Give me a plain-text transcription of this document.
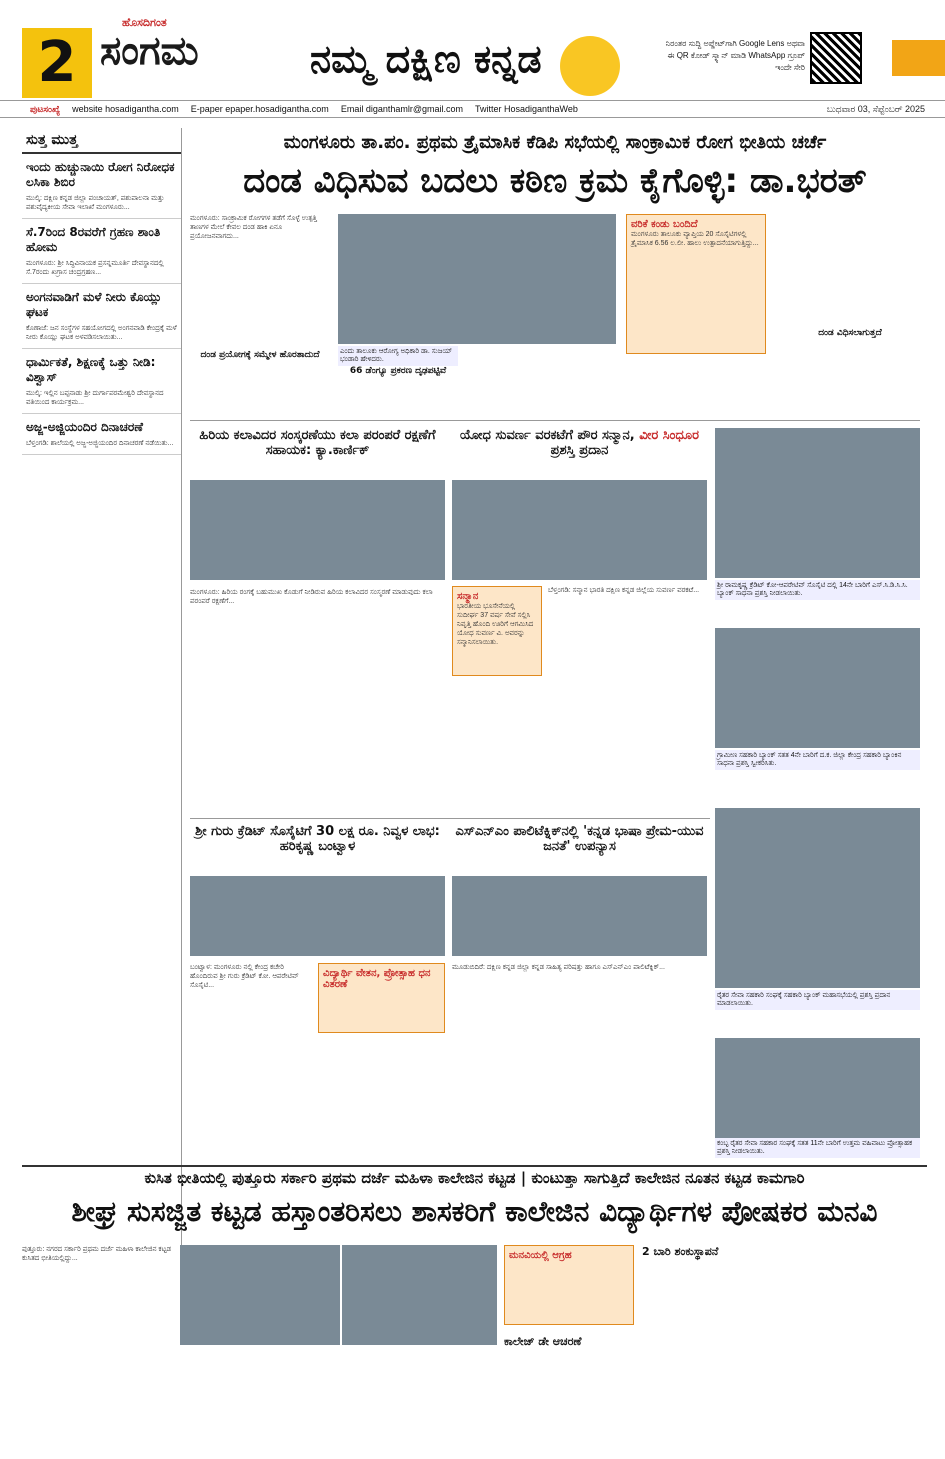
2
ಹೊಸದಿಗಂತ
ಸಂಗಮ	ನಮ್ಮ ದಕ್ಷಿಣ ಕನ್ನಡ	ನಿರಂತರ ಸುದ್ದಿ ಅಪ್ಡೇಟ್‌ಗಾಗಿ Google Lens ಅಥವಾ ಈ QR ಕೋಡ್ ಸ್ಕ್ಯಾನ್ ಮಾಡಿ WhatsApp ಗ್ರೂಪ್ ಇಂದೇ ಸೇರಿ
ಪುಟಸಂಖ್ಯೆ website hosadigantha.com E-paper epaper.hosadigantha.com Email diganthamlr@gmail.com Twitter HosadiganthaWeb	ಬುಧವಾರ 03, ಸೆಪ್ಟೆಂಬರ್ 2025
ಸುತ್ತ ಮುತ್ತ
ಇಂದು ಹುಚ್ಚುನಾಯಿ ರೋಗ ನಿರೋಧಕ ಲಸಿಕಾ ಶಿಬಿರ
ಮುಲ್ಕಿ: ದಕ್ಷಿಣ ಕನ್ನಡ ಜಿಲ್ಲಾ ಪಂಚಾಯತ್, ಪಶುಪಾಲನಾ ಮತ್ತು ಪಶುವೈದ್ಯಕೀಯ ಸೇವಾ ಇಲಾಖೆ ಮಂಗಳೂರು...
ಸೆ.7ರಿಂದ 8ರವರೆಗೆ ಗ್ರಹಣ ಶಾಂತಿ ಹೋಮ
ಮಂಗಳೂರು: ಶ್ರೀ ಸಿದ್ಧಿವಿನಾಯಕ ಪ್ರಸನ್ನಮೂರ್ತಿ ದೇವಸ್ಥಾನದಲ್ಲಿ ಸೆ.7ರಂದು ಖಗ್ರಾಸ ಚಂದ್ರಗ್ರಹಣ...
ಅಂಗನವಾಡಿಗೆ ಮಳೆ ನೀರು ಕೊಯ್ಲು ಘಟಕ
ಕೊಣಾಜೆ: ಜನ ಸಂಸ್ಥೆಗಳ ಸಹಯೋಗದಲ್ಲಿ ಅಂಗನವಾಡಿ ಕೇಂದ್ರಕ್ಕೆ ಮಳೆ ನೀರು ಕೊಯ್ಲು ಘಟಕ ಅಳವಡಿಸಲಾಯಿತು...
ಧಾರ್ಮಿಕತೆ, ಶಿಕ್ಷಣಕ್ಕೆ ಒತ್ತು ನೀಡಿ: ವಿಶ್ವಾಸ್
ಮುಲ್ಕಿ: ಇಲ್ಲಿನ ಬಪ್ಪನಾಡು ಶ್ರೀ ದುರ್ಗಾಪರಮೇಶ್ವರಿ ದೇವಸ್ಥಾನದ ವತಿಯಿಂದ ಕಾರ್ಯಕ್ರಮ...
ಅಜ್ಜ-ಅಜ್ಜಿಯಂದಿರ ದಿನಾಚರಣೆ
ಬೆಳ್ತಂಗಡಿ: ಶಾಲೆಯಲ್ಲಿ ಅಜ್ಜ-ಅಜ್ಜಿಯಂದಿರ ದಿನಾಚರಣೆ ನಡೆಯಿತು...
ಮಂಗಳೂರು ತಾ.ಪಂ. ಪ್ರಥಮ ತ್ರೈಮಾಸಿಕ ಕೆಡಿಪಿ ಸಭೆಯಲ್ಲಿ ಸಾಂಕ್ರಾಮಿಕ ರೋಗ ಭೀತಿಯ ಚರ್ಚೆ
ದಂಡ ವಿಧಿಸುವ ಬದಲು ಕಠಿಣ ಕ್ರಮ ಕೈಗೊಳ್ಳಿ: ಡಾ.ಭರತ್
ಮಂಗಳೂರು: ಸಾಂಕ್ರಾಮಿಕ ರೋಗಗಳ ತಡೆಗೆ ಸೊಳ್ಳೆ ಉತ್ಪತ್ತಿ ತಾಣಗಳ ಮೇಲೆ ಕೇವಲ ದಂಡ ಹಾಕಿ ಏನೂ ಪ್ರಯೋಜನವಾಗದು...
ಎಂದು ತಾಲೂಕು ಆರೋಗ್ಯ ಅಧಿಕಾರಿ ಡಾ. ಸುಜಯ್ ಭಂಡಾರಿ ಹೇಳಿದರು.
66 ಡೆಂಗ್ಯೂ ಪ್ರಕರಣ ದೃಢಪಟ್ಟಿವೆ
ದಂಡ ಪ್ರಯೋಗಕ್ಕೆ ಸಮ್ಮೇಳ ಹೊರತಾದುದೆ
ವರಿಕೆ ಕಂಡು ಬಂದಿದೆ
ಮಂಗಳೂರು ತಾಲೂಕು ವ್ಯಾಪ್ತಿಯ 20 ಸೊಸೈಟಿಗಳಲ್ಲಿ ತ್ರೈಮಾಸಿಕ 6.56 ಲ.ಲೀ. ಹಾಲು ಉತ್ಪಾದನೆಯಾಗುತ್ತಿದ್ದು...
ದಂಡ ವಿಧಿಸಲಾಗುತ್ತದೆ
ಹಿರಿಯ ಕಲಾವಿದರ ಸಂಸ್ಕರಣೆಯು ಕಲಾ ಪರಂಪರೆ ರಕ್ಷಣೆಗೆ ಸಹಾಯಕ: ಕ್ಯಾ.ಕಾರ್ಣಿಕ್
ಮಂಗಳೂರು: ಹಿರಿಯ ರಂಗಕ್ಕೆ ಬಹುಮುಖ ಕೊಡುಗೆ ನೀಡಿರುವ ಹಿರಿಯ ಕಲಾವಿದರ ಸಂಸ್ಮರಣೆ ಮಾಡುವುದು ಕಲಾ ಪರಂಪರೆ ರಕ್ಷಣೆಗೆ...
ಯೋಧ ಸುವರ್ಣ ವರಕಟೆಗೆ ಪೌರ ಸನ್ಮಾನ, ವೀರ ಸಿಂಧೂರ ಪ್ರಶಸ್ತಿ ಪ್ರದಾನ
ಸನ್ಮಾನ
ಭಾರತೀಯ ಭೂಸೇನೆಯಲ್ಲಿ ಸುದೀರ್ಘ 37 ವರ್ಷ ಸೇವೆ ಸಲ್ಲಿಸಿ ನಿವೃತ್ತಿ ಹೊಂದಿ ಊರಿಗೆ ಆಗಮಿಸಿದ ಯೋಧ ಸುವರ್ಣ ವಿ. ಅವರನ್ನು ಸನ್ಮಾನಿಸಲಾಯಿತು.
ಬೆಳ್ತಂಗಡಿ: ಸನ್ಮಾನ ಭಾರತಿ ದಕ್ಷಿಣ ಕನ್ನಡ ಜಿಲ್ಲೆಯ ಸುವರ್ಣ ವರಕಟೆ...
ಶ್ರೀ ರಾಮಕೃಷ್ಣ ಕ್ರೆಡಿಟ್ ಕೋ-ಆಪರೇಟಿವ್ ಸೊಸೈಟಿ ದಲ್ಲಿ 14ನೇ ಬಾರಿಗೆ ಎಸ್.ಸಿ.ಡಿ.ಸಿ.ಸಿ. ಬ್ಯಾಂಕ್ ಸಾಧನಾ ಪ್ರಶಸ್ತಿ ನೀಡಲಾಯಿತು.
ಗ್ರಾಮೀಣ ಸಹಕಾರಿ ಬ್ಯಾಂಕ್ ಸತತ 4ನೇ ಬಾರಿಗೆ ದ.ಕ. ಜಿಲ್ಲಾ ಕೇಂದ್ರ ಸಹಕಾರಿ ಬ್ಯಾಂಕಿನ ಸಾಧನಾ ಪ್ರಶಸ್ತಿ ಸ್ವೀಕರಿಸಿತು.
ರೈತರ ಸೇವಾ ಸಹಕಾರಿ ಸಂಘಕ್ಕೆ ಸಹಕಾರಿ ಬ್ಯಾಂಕ್ ಮಹಾಸಭೆಯಲ್ಲಿ ಪ್ರಶಸ್ತಿ ಪ್ರದಾನ ಮಾಡಲಾಯಿತು.
ಕಂಬ್ಳ ರೈತರ ಸೇವಾ ಸಹಕಾರ ಸಂಘಕ್ಕೆ ಸತತ 11ನೇ ಬಾರಿಗೆ ಉತ್ತಮ ವಹಿವಾಟು ಪ್ರೋತ್ಸಾಹಕ ಪ್ರಶಸ್ತಿ ನೀಡಲಾಯಿತು.
ಶ್ರೀ ಗುರು ಕ್ರೆಡಿಟ್ ಸೊಸೈಟಿಗೆ 30 ಲಕ್ಷ ರೂ. ನಿವ್ವಳ ಲಾಭ: ಹರಿಕೃಷ್ಣ ಬಂಟ್ವಾಳ
ವಿದ್ಯಾರ್ಥಿ ವೇತನ, ಪ್ರೋತ್ಸಾಹ ಧನ ವಿತರಣೆ
ಬಂಟ್ವಾಳ: ಮಂಗಳೂರು ನಲ್ಲಿ ಕೇಂದ್ರ ಕಚೇರಿ ಹೊಂದಿರುವ ಶ್ರೀ ಗುರು ಕ್ರೆಡಿಟ್ ಕೋ. ಆಪರೇಟಿವ್ ಸೊಸೈಟಿ...
ಎಸ್‌ಎನ್‌ಎಂ ಪಾಲಿಟೆಕ್ನಿಕ್‌ನಲ್ಲಿ 'ಕನ್ನಡ ಭಾಷಾ ಪ್ರೇಮ-ಯುವ ಜನತೆ' ಉಪನ್ಯಾಸ
ಮೂಡುಬಿದಿರೆ: ದಕ್ಷಿಣ ಕನ್ನಡ ಜಿಲ್ಲಾ ಕನ್ನಡ ಸಾಹಿತ್ಯ ಪರಿಷತ್ತು ಹಾಗೂ ಎಸ್‌ಎನ್‌ಎಂ ಪಾಲಿಟೆಕ್ನಿಕ್...
ಕುಸಿತ ಭೀತಿಯಲ್ಲಿ ಪುತ್ತೂರು ಸರ್ಕಾರಿ ಪ್ರಥಮ ದರ್ಜೆ ಮಹಿಳಾ ಕಾಲೇಜಿನ ಕಟ್ಟಡ | ಕುಂಟುತ್ತಾ ಸಾಗುತ್ತಿದೆ ಕಾಲೇಜಿನ ನೂತನ ಕಟ್ಟಡ ಕಾಮಗಾರಿ
ಶೀಘ್ರ ಸುಸಜ್ಜಿತ ಕಟ್ಟಡ ಹಸ್ತಾಂತರಿಸಲು ಶಾಸಕರಿಗೆ ಕಾಲೇಜಿನ ವಿದ್ಯಾರ್ಥಿಗಳ ಪೋಷಕರ ಮನವಿ
ಪುತ್ತೂರು: ನಗರದ ಸರ್ಕಾರಿ ಪ್ರಥಮ ದರ್ಜೆ ಮಹಿಳಾ ಕಾಲೇಜಿನ ಕಟ್ಟಡ ಕುಸಿತದ ಭೀತಿಯಲ್ಲಿದ್ದು...	ಮನವಿಯಲ್ಲಿ ಆಗ್ರಹ	2 ಬಾರಿ ಶಂಕುಸ್ಥಾಪನೆ
ಕಾಲೇಜ್ ಡೇ ಆಚರಣೆ
